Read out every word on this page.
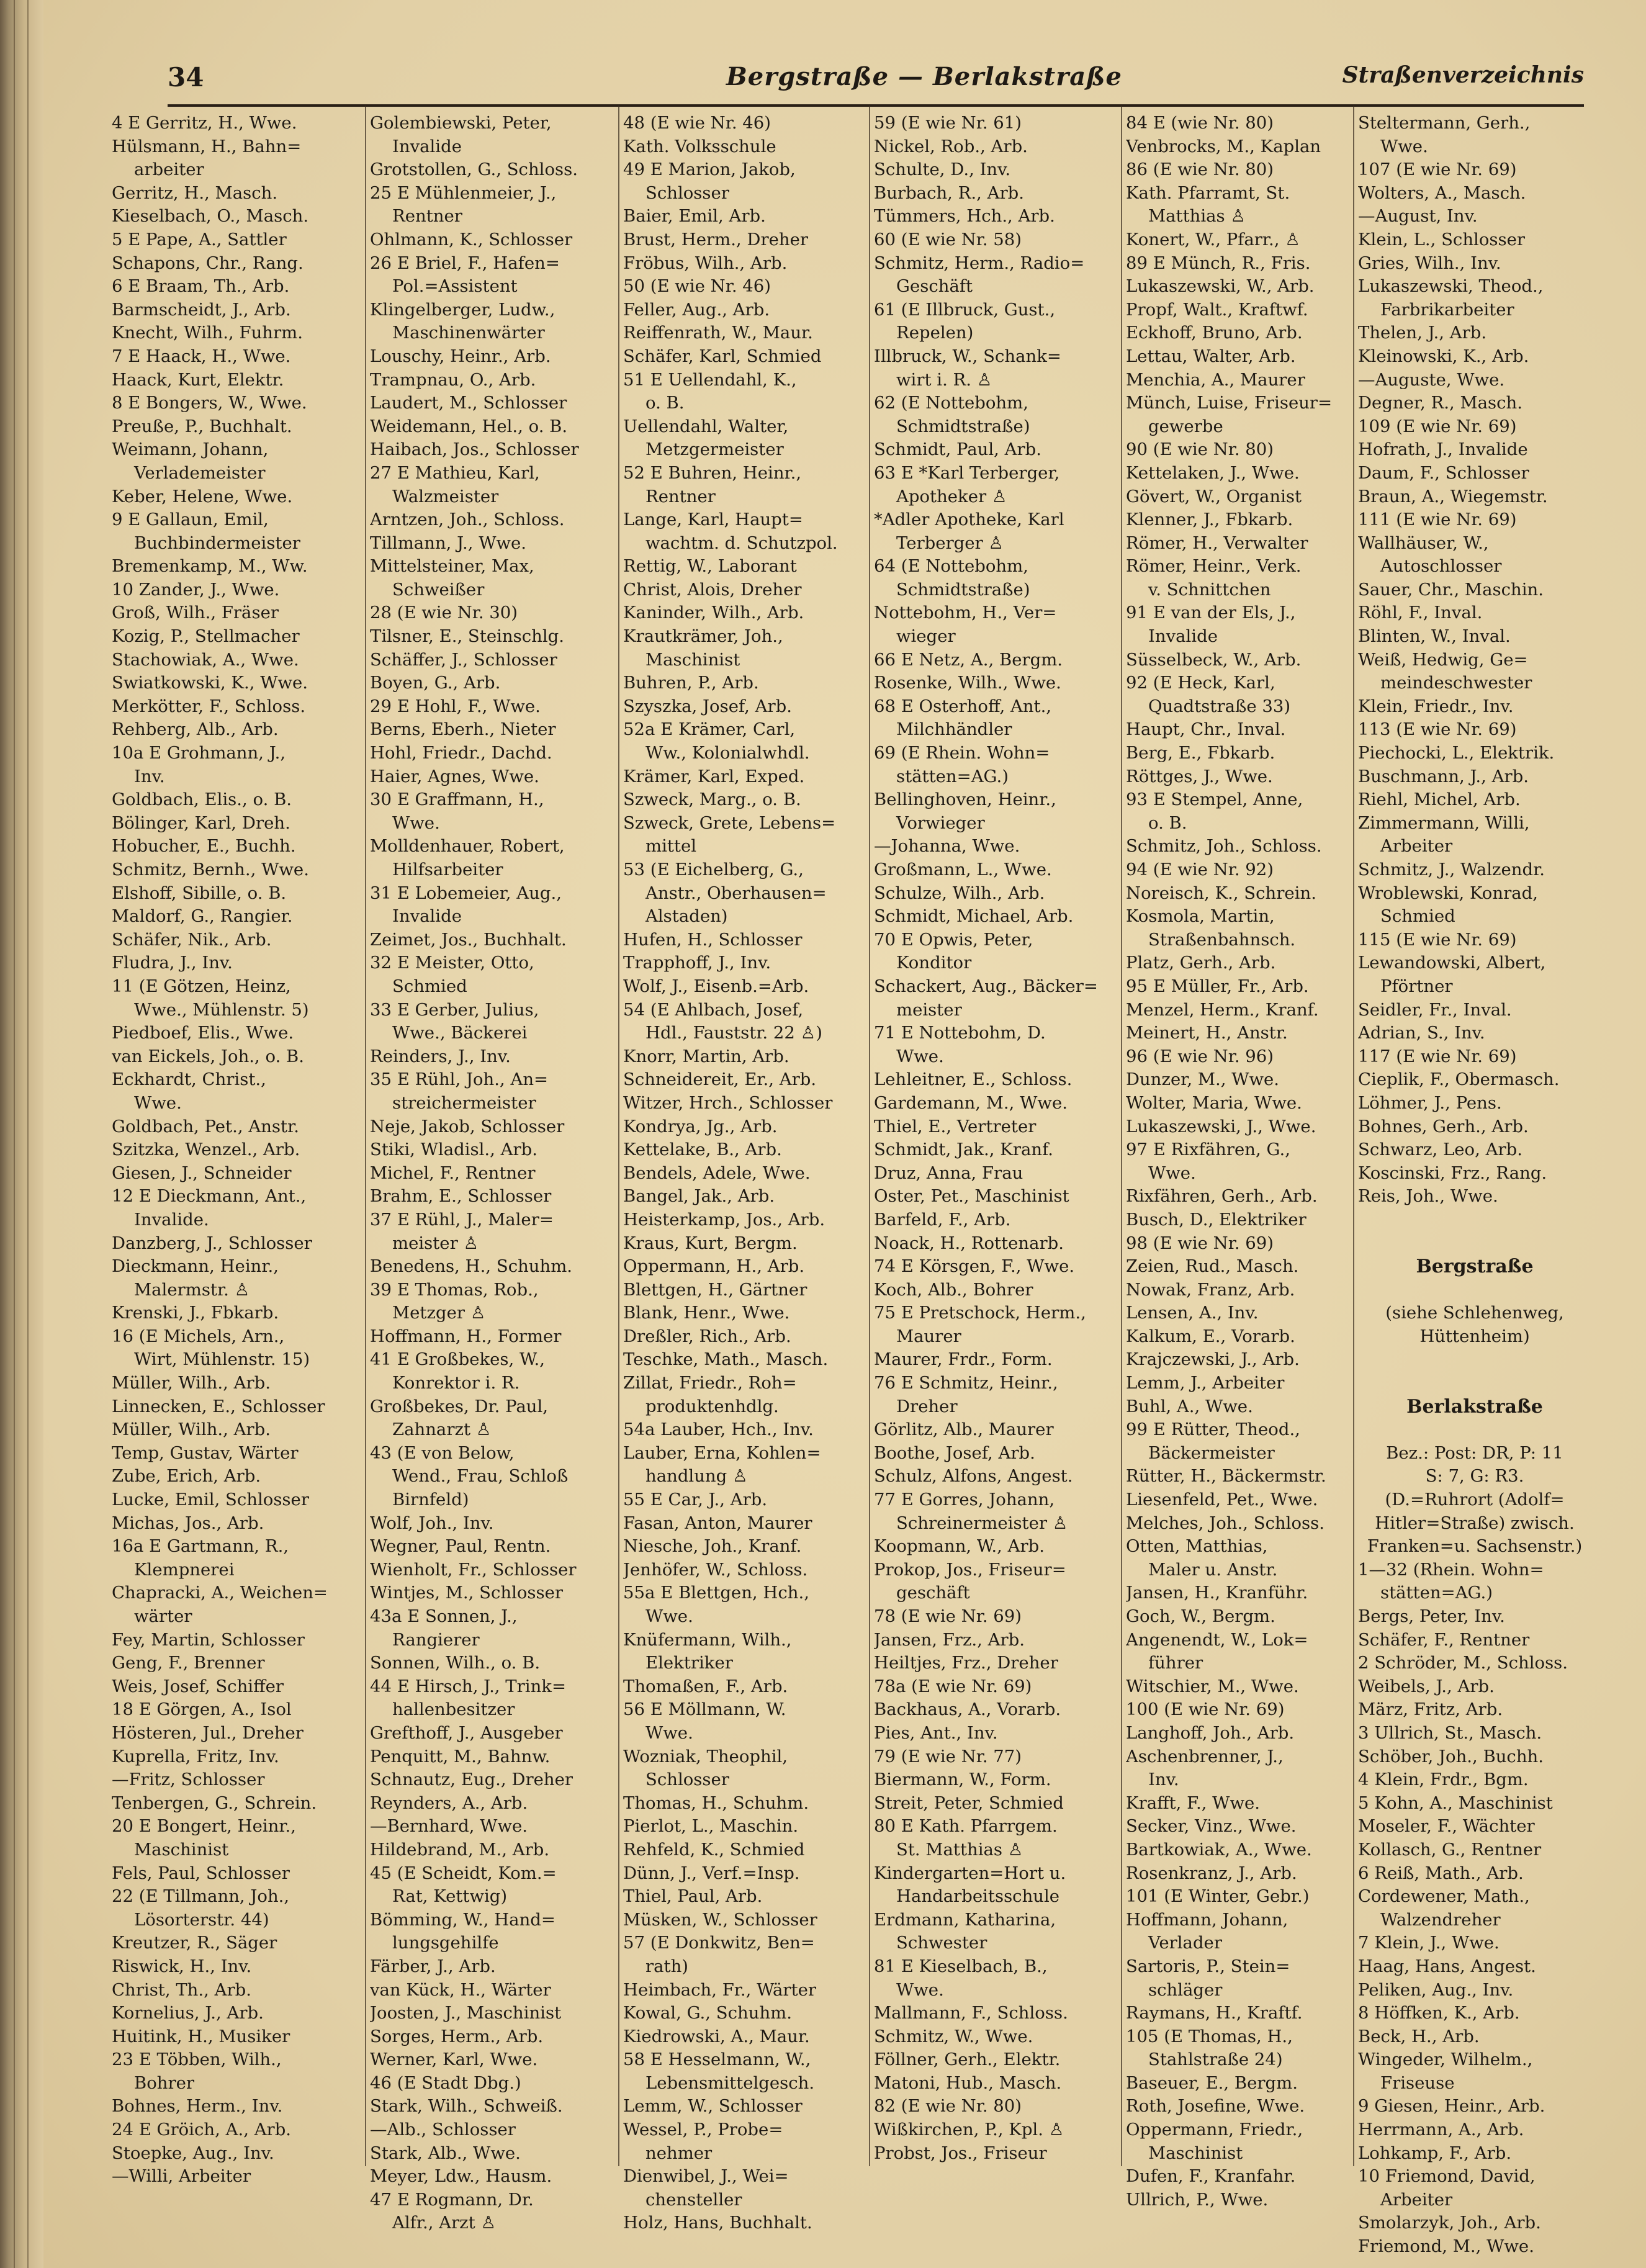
34	Bergstraße — Berlakstraße	Straßenverzeichnis
4 E Gerritz, H., Wwe.
Hülsmann, H., Bahn=
arbeiter
Gerritz, H., Masch.
Kieselbach, O., Masch.
5 E Pape, A., Sattler
Schapons, Chr., Rang.
6 E Braam, Th., Arb.
Barmscheidt, J., Arb.
Knecht, Wilh., Fuhrm.
7 E Haack, H., Wwe.
Haack, Kurt, Elektr.
8 E Bongers, W., Wwe.
Preuße, P., Buchhalt.
Weimann, Johann,
Verlademeister
Keber, Helene, Wwe.
9 E Gallaun, Emil,
Buchbindermeister
Bremenkamp, M., Ww.
10 Zander, J., Wwe.
Groß, Wilh., Fräser
Kozig, P., Stellmacher
Stachowiak, A., Wwe.
Swiatkowski, K., Wwe.
Merkötter, F., Schloss.
Rehberg, Alb., Arb.
10a E Grohmann, J.,
Inv.
Goldbach, Elis., o. B.
Bölinger, Karl, Dreh.
Hobucher, E., Buchh.
Schmitz, Bernh., Wwe.
Elshoff, Sibille, o. B.
Maldorf, G., Rangier.
Schäfer, Nik., Arb.
Fludra, J., Inv.
11 (E Götzen, Heinz,
Wwe., Mühlenstr. 5)
Piedboef, Elis., Wwe.
van Eickels, Joh., o. B.
Eckhardt, Christ.,
Wwe.
Goldbach, Pet., Anstr.
Szitzka, Wenzel., Arb.
Giesen, J., Schneider
12 E Dieckmann, Ant.,
Invalide.
Danzberg, J., Schlosser
Dieckmann, Heinr.,
Malermstr. ♙
Krenski, J., Fbkarb.
16 (E Michels, Arn.,
Wirt, Mühlenstr. 15)
Müller, Wilh., Arb.
Linnecken, E., Schlosser
Müller, Wilh., Arb.
Temp, Gustav, Wärter
Zube, Erich, Arb.
Lucke, Emil, Schlosser
Michas, Jos., Arb.
16a E Gartmann, R.,
Klempnerei
Chapracki, A., Weichen=
wärter
Fey, Martin, Schlosser
Geng, F., Brenner
Weis, Josef, Schiffer
18 E Görgen, A., Isol
Hösteren, Jul., Dreher
Kuprella, Fritz, Inv.
—Fritz, Schlosser
Tenbergen, G., Schrein.
20 E Bongert, Heinr.,
Maschinist
Fels, Paul, Schlosser
22 (E Tillmann, Joh.,
Lösorterstr. 44)
Kreutzer, R., Säger
Riswick, H., Inv.
Christ, Th., Arb.
Kornelius, J., Arb.
Huitink, H., Musiker
23 E Többen, Wilh.,
Bohrer
Bohnes, Herm., Inv.
24 E Gröich, A., Arb.
Stoepke, Aug., Inv.
—Willi, Arbeiter
Golembiewski, Peter,
Invalide
Grotstollen, G., Schloss.
25 E Mühlenmeier, J.,
Rentner
Ohlmann, K., Schlosser
26 E Briel, F., Hafen=
Pol.=Assistent
Klingelberger, Ludw.,
Maschinenwärter
Louschy, Heinr., Arb.
Trampnau, O., Arb.
Laudert, M., Schlosser
Weidemann, Hel., o. B.
Haibach, Jos., Schlosser
27 E Mathieu, Karl,
Walzmeister
Arntzen, Joh., Schloss.
Tillmann, J., Wwe.
Mittelsteiner, Max,
Schweißer
28 (E wie Nr. 30)
Tilsner, E., Steinschlg.
Schäffer, J., Schlosser
Boyen, G., Arb.
29 E Hohl, F., Wwe.
Berns, Eberh., Nieter
Hohl, Friedr., Dachd.
Haier, Agnes, Wwe.
30 E Graffmann, H.,
Wwe.
Molldenhauer, Robert,
Hilfsarbeiter
31 E Lobemeier, Aug.,
Invalide
Zeimet, Jos., Buchhalt.
32 E Meister, Otto,
Schmied
33 E Gerber, Julius,
Wwe., Bäckerei
Reinders, J., Inv.
35 E Rühl, Joh., An=
streichermeister
Neje, Jakob, Schlosser
Stiki, Wladisl., Arb.
Michel, F., Rentner
Brahm, E., Schlosser
37 E Rühl, J., Maler=
meister ♙
Benedens, H., Schuhm.
39 E Thomas, Rob.,
Metzger ♙
Hoffmann, H., Former
41 E Großbekes, W.,
Konrektor i. R.
Großbekes, Dr. Paul,
Zahnarzt ♙
43 (E von Below,
Wend., Frau, Schloß
Birnfeld)
Wolf, Joh., Inv.
Wegner, Paul, Rentn.
Wienholt, Fr., Schlosser
Wintjes, M., Schlosser
43a E Sonnen, J.,
Rangierer
Sonnen, Wilh., o. B.
44 E Hirsch, J., Trink=
hallenbesitzer
Grefthoff, J., Ausgeber
Penquitt, M., Bahnw.
Schnautz, Eug., Dreher
Reynders, A., Arb.
—Bernhard, Wwe.
Hildebrand, M., Arb.
45 (E Scheidt, Kom.=
Rat, Kettwig)
Bömming, W., Hand=
lungsgehilfe
Färber, J., Arb.
van Kück, H., Wärter
Joosten, J., Maschinist
Sorges, Herm., Arb.
Werner, Karl, Wwe.
46 (E Stadt Dbg.)
Stark, Wilh., Schweiß.
—Alb., Schlosser
Stark, Alb., Wwe.
Meyer, Ldw., Hausm.
47 E Rogmann, Dr.
Alfr., Arzt ♙
48 (E wie Nr. 46)
Kath. Volksschule
49 E Marion, Jakob,
Schlosser
Baier, Emil, Arb.
Brust, Herm., Dreher
Fröbus, Wilh., Arb.
50 (E wie Nr. 46)
Feller, Aug., Arb.
Reiffenrath, W., Maur.
Schäfer, Karl, Schmied
51 E Uellendahl, K.,
o. B.
Uellendahl, Walter,
Metzgermeister
52 E Buhren, Heinr.,
Rentner
Lange, Karl, Haupt=
wachtm. d. Schutzpol.
Rettig, W., Laborant
Christ, Alois, Dreher
Kaninder, Wilh., Arb.
Krautkrämer, Joh.,
Maschinist
Buhren, P., Arb.
Szyszka, Josef, Arb.
52a E Krämer, Carl,
Ww., Kolonialwhdl.
Krämer, Karl, Exped.
Szweck, Marg., o. B.
Szweck, Grete, Lebens=
mittel
53 (E Eichelberg, G.,
Anstr., Oberhausen=
Alstaden)
Hufen, H., Schlosser
Trapphoff, J., Inv.
Wolf, J., Eisenb.=Arb.
54 (E Ahlbach, Josef,
Hdl., Fauststr. 22 ♙)
Knorr, Martin, Arb.
Schneidereit, Er., Arb.
Witzer, Hrch., Schlosser
Kondrya, Jg., Arb.
Kettelake, B., Arb.
Bendels, Adele, Wwe.
Bangel, Jak., Arb.
Heisterkamp, Jos., Arb.
Kraus, Kurt, Bergm.
Oppermann, H., Arb.
Blettgen, H., Gärtner
Blank, Henr., Wwe.
Dreßler, Rich., Arb.
Teschke, Math., Masch.
Zillat, Friedr., Roh=
produktenhdlg.
54a Lauber, Hch., Inv.
Lauber, Erna, Kohlen=
handlung ♙
55 E Car, J., Arb.
Fasan, Anton, Maurer
Niesche, Joh., Kranf.
Jenhöfer, W., Schloss.
55a E Blettgen, Hch.,
Wwe.
Knüfermann, Wilh.,
Elektriker
Thomaßen, F., Arb.
56 E Möllmann, W.
Wwe.
Wozniak, Theophil,
Schlosser
Thomas, H., Schuhm.
Pierlot, L., Maschin.
Rehfeld, K., Schmied
Dünn, J., Verf.=Insp.
Thiel, Paul, Arb.
Müsken, W., Schlosser
57 (E Donkwitz, Ben=
rath)
Heimbach, Fr., Wärter
Kowal, G., Schuhm.
Kiedrowski, A., Maur.
58 E Hesselmann, W.,
Lebensmittelgesch.
Lemm, W., Schlosser
Wessel, P., Probe=
nehmer
Dienwibel, J., Wei=
chensteller
Holz, Hans, Buchhalt.
59 (E wie Nr. 61)
Nickel, Rob., Arb.
Schulte, D., Inv.
Burbach, R., Arb.
Tümmers, Hch., Arb.
60 (E wie Nr. 58)
Schmitz, Herm., Radio=
Geschäft
61 (E Illbruck, Gust.,
Repelen)
Illbruck, W., Schank=
wirt i. R. ♙
62 (E Nottebohm,
Schmidtstraße)
Schmidt, Paul, Arb.
63 E *Karl Terberger,
Apotheker ♙
*Adler Apotheke, Karl
Terberger ♙
64 (E Nottebohm,
Schmidtstraße)
Nottebohm, H., Ver=
wieger
66 E Netz, A., Bergm.
Rosenke, Wilh., Wwe.
68 E Osterhoff, Ant.,
Milchhändler
69 (E Rhein. Wohn=
stätten=AG.)
Bellinghoven, Heinr.,
Vorwieger
—Johanna, Wwe.
Großmann, L., Wwe.
Schulze, Wilh., Arb.
Schmidt, Michael, Arb.
70 E Opwis, Peter,
Konditor
Schackert, Aug., Bäcker=
meister
71 E Nottebohm, D.
Wwe.
Lehleitner, E., Schloss.
Gardemann, M., Wwe.
Thiel, E., Vertreter
Schmidt, Jak., Kranf.
Druz, Anna, Frau
Oster, Pet., Maschinist
Barfeld, F., Arb.
Noack, H., Rottenarb.
74 E Körsgen, F., Wwe.
Koch, Alb., Bohrer
75 E Pretschock, Herm.,
Maurer
Maurer, Frdr., Form.
76 E Schmitz, Heinr.,
Dreher
Görlitz, Alb., Maurer
Boothe, Josef, Arb.
Schulz, Alfons, Angest.
77 E Gorres, Johann,
Schreinermeister ♙
Koopmann, W., Arb.
Prokop, Jos., Friseur=
geschäft
78 (E wie Nr. 69)
Jansen, Frz., Arb.
Heiltjes, Frz., Dreher
78a (E wie Nr. 69)
Backhaus, A., Vorarb.
Pies, Ant., Inv.
79 (E wie Nr. 77)
Biermann, W., Form.
Streit, Peter, Schmied
80 E Kath. Pfarrgem.
St. Matthias ♙
Kindergarten=Hort u.
Handarbeitsschule
Erdmann, Katharina,
Schwester
81 E Kieselbach, B.,
Wwe.
Mallmann, F., Schloss.
Schmitz, W., Wwe.
Föllner, Gerh., Elektr.
Matoni, Hub., Masch.
82 (E wie Nr. 80)
Wißkirchen, P., Kpl. ♙
Probst, Jos., Friseur
84 E (wie Nr. 80)
Venbrocks, M., Kaplan
86 (E wie Nr. 80)
Kath. Pfarramt, St.
Matthias ♙
Konert, W., Pfarr., ♙
89 E Münch, R., Fris.
Lukaszewski, W., Arb.
Propf, Walt., Kraftwf.
Eckhoff, Bruno, Arb.
Lettau, Walter, Arb.
Menchia, A., Maurer
Münch, Luise, Friseur=
gewerbe
90 (E wie Nr. 80)
Kettelaken, J., Wwe.
Gövert, W., Organist
Klenner, J., Fbkarb.
Römer, H., Verwalter
Römer, Heinr., Verk.
v. Schnittchen
91 E van der Els, J.,
Invalide
Süsselbeck, W., Arb.
92 (E Heck, Karl,
Quadtstraße 33)
Haupt, Chr., Inval.
Berg, E., Fbkarb.
Röttges, J., Wwe.
93 E Stempel, Anne,
o. B.
Schmitz, Joh., Schloss.
94 (E wie Nr. 92)
Noreisch, K., Schrein.
Kosmola, Martin,
Straßenbahnsch.
Platz, Gerh., Arb.
95 E Müller, Fr., Arb.
Menzel, Herm., Kranf.
Meinert, H., Anstr.
96 (E wie Nr. 96)
Dunzer, M., Wwe.
Wolter, Maria, Wwe.
Lukaszewski, J., Wwe.
97 E Rixfähren, G.,
Wwe.
Rixfähren, Gerh., Arb.
Busch, D., Elektriker
98 (E wie Nr. 69)
Zeien, Rud., Masch.
Nowak, Franz, Arb.
Lensen, A., Inv.
Kalkum, E., Vorarb.
Krajczewski, J., Arb.
Lemm, J., Arbeiter
Buhl, A., Wwe.
99 E Rütter, Theod.,
Bäckermeister
Rütter, H., Bäckermstr.
Liesenfeld, Pet., Wwe.
Melches, Joh., Schloss.
Otten, Matthias,
Maler u. Anstr.
Jansen, H., Kranführ.
Goch, W., Bergm.
Angenendt, W., Lok=
führer
Witschier, M., Wwe.
100 (E wie Nr. 69)
Langhoff, Joh., Arb.
Aschenbrenner, J.,
Inv.
Krafft, F., Wwe.
Secker, Vinz., Wwe.
Bartkowiak, A., Wwe.
Rosenkranz, J., Arb.
101 (E Winter, Gebr.)
Hoffmann, Johann,
Verlader
Sartoris, P., Stein=
schläger
Raymans, H., Kraftf.
105 (E Thomas, H.,
Stahlstraße 24)
Baseuer, E., Bergm.
Roth, Josefine, Wwe.
Oppermann, Friedr.,
Maschinist
Dufen, F., Kranfahr.
Ullrich, P., Wwe.
Steltermann, Gerh.,
Wwe.
107 (E wie Nr. 69)
Wolters, A., Masch.
—August, Inv.
Klein, L., Schlosser
Gries, Wilh., Inv.
Lukaszewski, Theod.,
Farbrikarbeiter
Thelen, J., Arb.
Kleinowski, K., Arb.
—Auguste, Wwe.
Degner, R., Masch.
109 (E wie Nr. 69)
Hofrath, J., Invalide
Daum, F., Schlosser
Braun, A., Wiegemstr.
111 (E wie Nr. 69)
Wallhäuser, W.,
Autoschlosser
Sauer, Chr., Maschin.
Röhl, F., Inval.
Blinten, W., Inval.
Weiß, Hedwig, Ge=
meindeschwester
Klein, Friedr., Inv.
113 (E wie Nr. 69)
Piechocki, L., Elektrik.
Buschmann, J., Arb.
Riehl, Michel, Arb.
Zimmermann, Willi,
Arbeiter
Schmitz, J., Walzendr.
Wroblewski, Konrad,
Schmied
115 (E wie Nr. 69)
Lewandowski, Albert,
Pförtner
Seidler, Fr., Inval.
Adrian, S., Inv.
117 (E wie Nr. 69)
Cieplik, F., Obermasch.
Löhmer, J., Pens.
Bohnes, Gerh., Arb.
Schwarz, Leo, Arb.
Koscinski, Frz., Rang.
Reis, Joh., Wwe.

Bergstraße

(siehe Schlehenweg,
Hüttenheim)

Berlakstraße

Bez.: Post: DR, P: 11
S: 7, G: R3.
(D.=Ruhrort (Adolf=
Hitler=Straße) zwisch.
Franken=u. Sachsenstr.)
1—32 (Rhein. Wohn=
stätten=AG.)
Bergs, Peter, Inv.
Schäfer, F., Rentner
2 Schröder, M., Schloss.
Weibels, J., Arb.
März, Fritz, Arb.
3 Ullrich, St., Masch.
Schöber, Joh., Buchh.
4 Klein, Frdr., Bgm.
5 Kohn, A., Maschinist
Moseler, F., Wächter
Kollasch, G., Rentner
6 Reiß, Math., Arb.
Cordewener, Math.,
Walzendreher
7 Klein, J., Wwe.
Haag, Hans, Angest.
Peliken, Aug., Inv.
8 Höffken, K., Arb.
Beck, H., Arb.
Wingeder, Wilhelm.,
Friseuse
9 Giesen, Heinr., Arb.
Herrmann, A., Arb.
Lohkamp, F., Arb.
10 Friemond, David,
Arbeiter
Smolarzyk, Joh., Arb.
Friemond, M., Wwe.
